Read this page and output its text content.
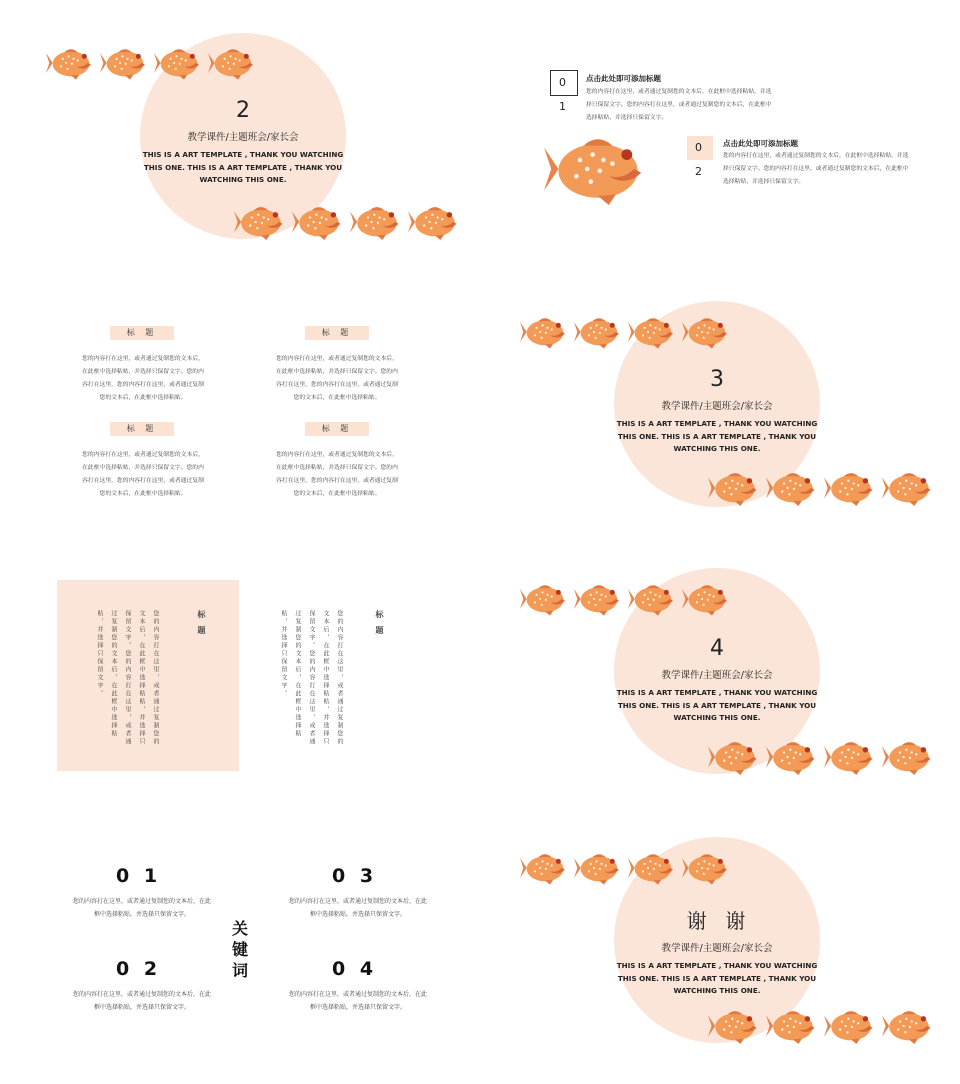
2
教学课件/主题班会/家长会
THIS IS A ART TEMPLATE , THANK YOU WATCHING THIS ONE. THIS IS A ART TEMPLATE , THANK YOU WATCHING THIS ONE.
0 1
点击此处即可添加标题
您的内容打在这里，或者通过复制您的文本后，在此框中选择粘贴，并选择只保留文字。您的内容打在这里，或者通过复制您的文本后，在此框中选择粘贴，并选择只保留文字。
0 2
点击此处即可添加标题
您的内容打在这里，或者通过复制您的文本后，在此框中选择粘贴，并选择只保留文字。您的内容打在这里，或者通过复制您的文本后，在此框中选择粘贴，并选择只保留文字。
标 题
您的内容打在这里，或者通过复制您的文本后，在此框中选择粘贴，并选择只保留文字。您的内容打在这里，您的内容打在这里，或者通过复制您的文本后，在此框中选择粘贴。
标 题
您的内容打在这里，或者通过复制您的文本后，在此框中选择粘贴，并选择只保留文字。您的内容打在这里，您的内容打在这里，或者通过复制您的文本后，在此框中选择粘贴。
标 题
您的内容打在这里，或者通过复制您的文本后，在此框中选择粘贴，并选择只保留文字。您的内容打在这里，您的内容打在这里，或者通过复制您的文本后，在此框中选择粘贴。
标 题
您的内容打在这里，或者通过复制您的文本后，在此框中选择粘贴，并选择只保留文字。您的内容打在这里，您的内容打在这里，或者通过复制您的文本后，在此框中选择粘贴。
3
教学课件/主题班会/家长会
THIS IS A ART TEMPLATE , THANK YOU WATCHING THIS ONE. THIS IS A ART TEMPLATE , THANK YOU WATCHING THIS ONE.
标题
您的内容打在这里，或者通过复制您的文本后，在此框中选择粘贴，并选择只保留文字。您的内容打在这里，或者通过复制您的文本后，在此框中选择粘贴，并选择只保留文字。	标题
您的内容打在这里，或者通过复制您的文本后，在此框中选择粘贴，并选择只保留文字。您的内容打在这里，或者通过复制您的文本后，在此框中选择粘贴，并选择只保留文字。	4
教学课件/主题班会/家长会
THIS IS A ART TEMPLATE , THANK YOU WATCHING THIS ONE. THIS IS A ART TEMPLATE , THANK YOU WATCHING THIS ONE.
0 1
您的内容打在这里，或者通过复制您的文本后，在此框中选择粘贴，并选择只保留文字。
0 2
您的内容打在这里，或者通过复制您的文本后，在此框中选择粘贴，并选择只保留文字。
关键词
0 3
您的内容打在这里，或者通过复制您的文本后，在此框中选择粘贴，并选择只保留文字。
0 4
您的内容打在这里，或者通过复制您的文本后，在此框中选择粘贴，并选择只保留文字。
谢  谢
教学课件/主题班会/家长会
THIS IS A ART TEMPLATE , THANK YOU WATCHING THIS ONE. THIS IS A ART TEMPLATE , THANK YOU WATCHING THIS ONE.
